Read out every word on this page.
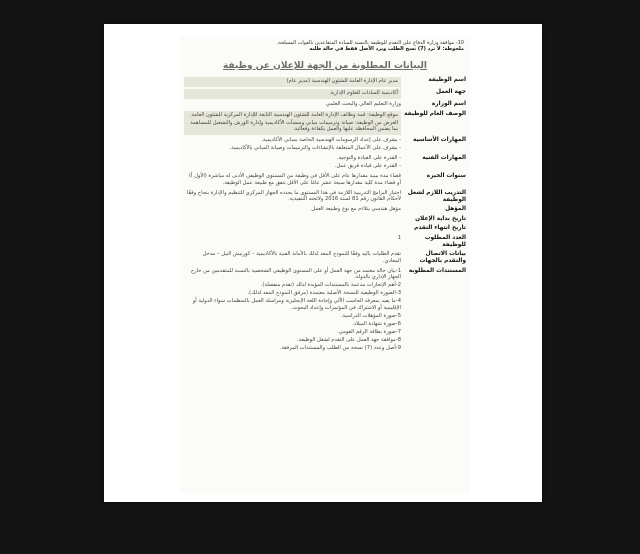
10- موافقة وزارة الدفاع على التقدم للوظيفة بالنسبة للسادة المتقاعدين بالقوات المسلحة.
ملحوظة: لا ترد (7) نسخ الطلب ويرد الأصل فقط في حالة طلبه
البيانات المطلوبة من الجهة للإعلان عن وظيفة
اسم الوظيفة
مدير عام الإدارة العامة للشئون الهندسية (مدير عام)
جهة العمل
أكاديمية السادات للعلوم الإدارية
اسم الوزارة
وزارة التعليم العالي والبحث العلمي
الوصف العام للوظيفة
موقع الوظيفة: قمة وظائف الإدارة العامة للشئون الهندسية التابعة للإدارة المركزية للشئون العامة.
الغرض من الوظيفة: صيانة وترميمات مباني ومنشآت الأكاديمية وإدارة الورش والتشغيل للمساهمة بما يضمن المحافظة عليها والعمل بكفاءة وفعالية.
المهارات الأساسية
- يشرف على إعداد الرسومات الهندسية الخاصة بمباني الأكاديمية.
- يشرف على الأعمال المتعلقة بالإنشاءات والترميمات وصيانة المباني بالأكاديمية.
المهارات الفنية
- القدرة على القيادة والتوجيه.
- القدرة على قيادة فريق عمل.
سنوات الخبرة
قضاء مدة بينية مقدارها عام على الأقل في وظيفة من المستوى الوظيفي الأدنى له مباشرة (الأول أ) أو قضاء مدة كلية مقدارها سبعة عشر عامًا على الأقل تتفق مع طبيعة عمل الوظيفة.
التدريب اللازم لشغل الوظيفة
اجتياز البرامج التدريبية اللازمة في هذا المستوى ما يحدده الجهاز المركزي للتنظيم والإدارة بنجاح وفقًا لأحكام القانون رقم 81 لسنة 2016 ولائحته التنفيذية.
المؤهل
مؤهل هندسي يتلاءم مع نوع وطبيعة العمل
تاريخ بداية الإعلان
تاريخ انتهاء التقدم
العدد المطلوب للوظيفة
1
بيانات الاتصال والتقدم بالجهات
تقدم الطلبات باليد وفقًا للنموذج المعد لذلك بالأمانة الفنية بالأكاديمية – كورنيش النيل – مدخل المعادي.
المستندات المطلوبة
1-بيان حالة معتمد من جهة العمل أو على المستوى الوظيفي الشخصية بالنسبة للمتقدمين من خارج الجهاز الإداري بالدولة.
2-أهم الإنجازات مدعمة بالمستندات المؤيدة لذلك (تقدم منفصلة).
3-الصورة الوظيفية للنسخة الأصلية معتمدة (مرفق النموذج المعد لذلك).
4-ما يفيد بمعرفة الحاسب الآلي وإجادة اللغة الإنجليزية ومراسلة العمل بالمنظمات سواء الدولية أو الإقليمية أو الاشتراك في المؤتمرات وإعداد البحوث.
5-صورة المؤهلات الدراسية.
6-صورة شهادة الميلاد.
7-صورة بطاقة الرقم القومي.
8-موافقة جهة العمل على التقدم لشغل الوظيفة.
9-أصل وعدد (7) نسخة من الطلب والمستندات المرفقة.
